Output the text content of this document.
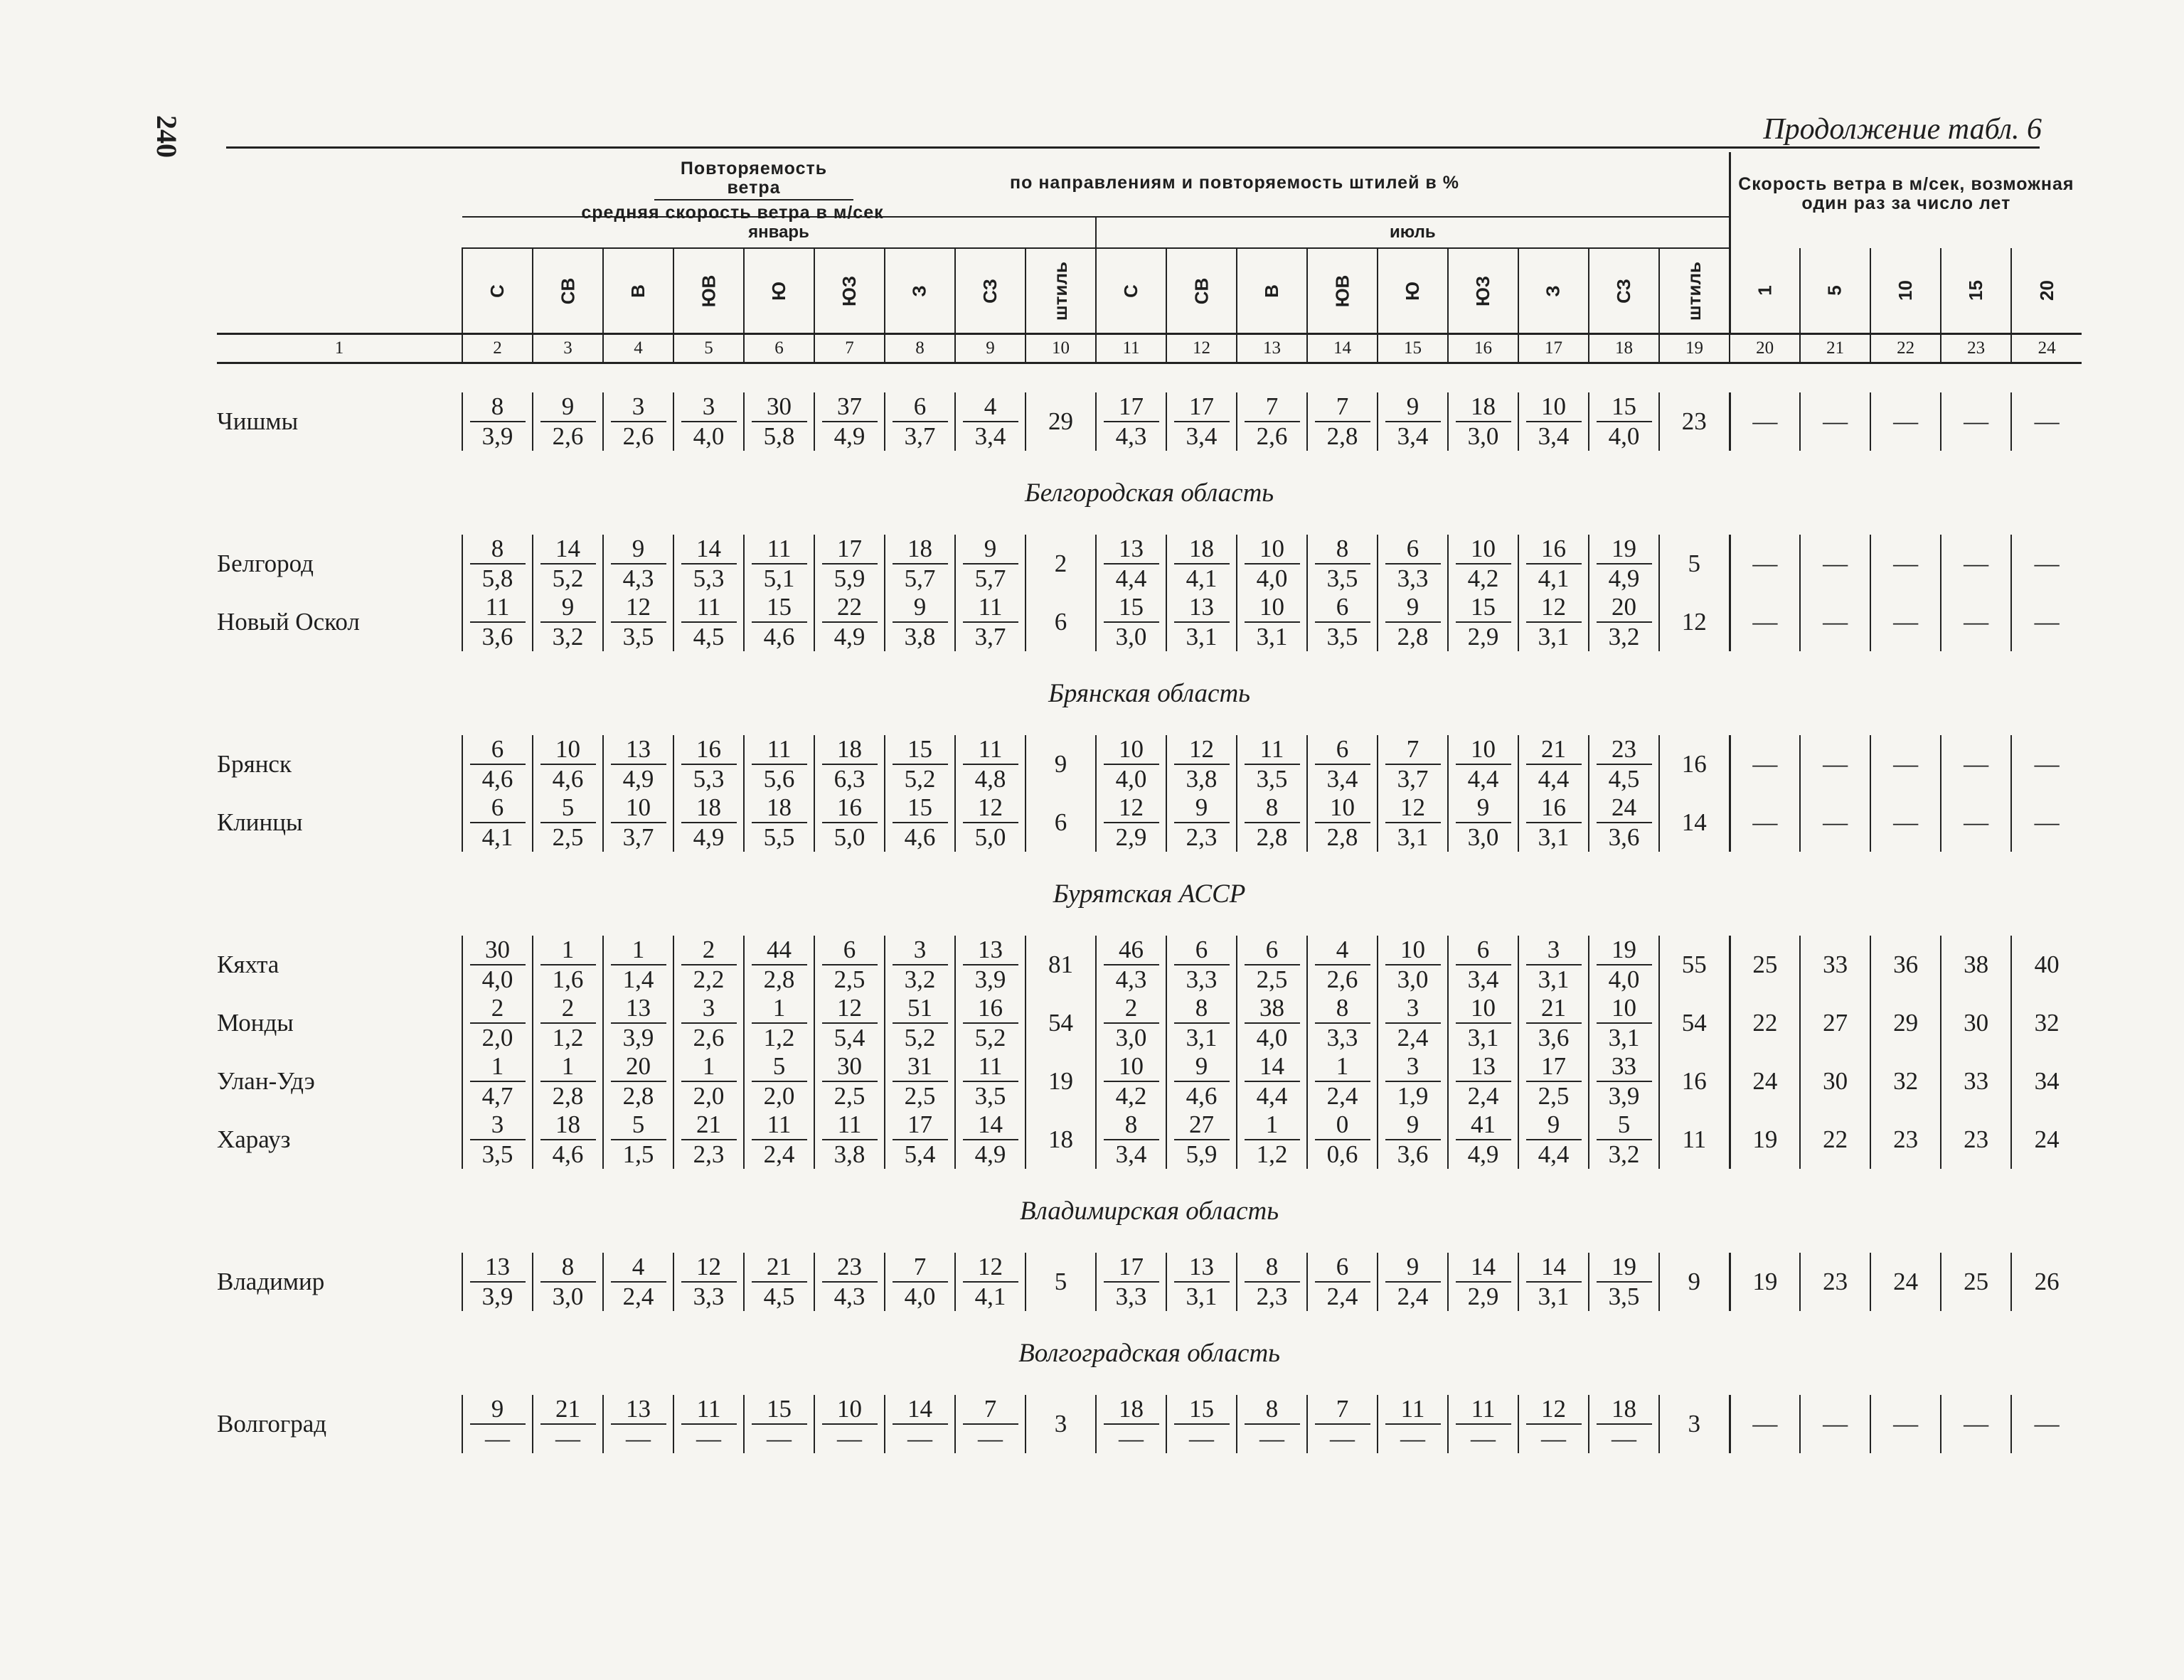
240	Продолжение табл. 6

	Повторяемость ветра
средняя скорость ветра в м/сек
по направлениям и повторяемость штилей в %																		Скорость ветра в м/сек, возможная один раз за число лет				
	январь									июль													
	С	СВ	В	ЮВ	Ю	ЮЗ	З	СЗ	штиль	С	СВ	В	ЮВ	Ю	ЮЗ	З	СЗ	штиль	1	5	10	15	20
1	2	3	4	5	6	7	8	9	10	11	12	13	14	15	16	17	18	19	20	21	22	23	24

Чишмы	$\frac{8}{3,9}$	$\frac{9}{2,6}$	$\frac{3}{2,6}$	$\frac{3}{4,0}$	$\frac{30}{5,8}$	$\frac{37}{4,9}$	$\frac{6}{3,7}$	$\frac{4}{3,4}$	29	$\frac{17}{4,3}$	$\frac{17}{3,4}$	$\frac{7}{2,6}$	$\frac{7}{2,8}$	$\frac{9}{3,4}$	$\frac{18}{3,0}$	$\frac{10}{3,4}$	$\frac{15}{4,0}$	23	—	—	—	—	—
Белгородская область																							
Белгород	$\frac{8}{5,8}$	$\frac{14}{5,2}$	$\frac{9}{4,3}$	$\frac{14}{5,3}$	$\frac{11}{5,1}$	$\frac{17}{5,9}$	$\frac{18}{5,7}$	$\frac{9}{5,7}$	2	$\frac{13}{4,4}$	$\frac{18}{4,1}$	$\frac{10}{4,0}$	$\frac{8}{3,5}$	$\frac{6}{3,3}$	$\frac{10}{4,2}$	$\frac{16}{4,1}$	$\frac{19}{4,9}$	5	—	—	—	—	—
Новый Оскол	$\frac{11}{3,6}$	$\frac{9}{3,2}$	$\frac{12}{3,5}$	$\frac{11}{4,5}$	$\frac{15}{4,6}$	$\frac{22}{4,9}$	$\frac{9}{3,8}$	$\frac{11}{3,7}$	6	$\frac{15}{3,0}$	$\frac{13}{3,1}$	$\frac{10}{3,1}$	$\frac{6}{3,5}$	$\frac{9}{2,8}$	$\frac{15}{2,9}$	$\frac{12}{3,1}$	$\frac{20}{3,2}$	12	—	—	—	—	—
Брянская область																							
Брянск	$\frac{6}{4,6}$	$\frac{10}{4,6}$	$\frac{13}{4,9}$	$\frac{16}{5,3}$	$\frac{11}{5,6}$	$\frac{18}{6,3}$	$\frac{15}{5,2}$	$\frac{11}{4,8}$	9	$\frac{10}{4,0}$	$\frac{12}{3,8}$	$\frac{11}{3,5}$	$\frac{6}{3,4}$	$\frac{7}{3,7}$	$\frac{10}{4,4}$	$\frac{21}{4,4}$	$\frac{23}{4,5}$	16	—	—	—	—	—
Клинцы	$\frac{6}{4,1}$	$\frac{5}{2,5}$	$\frac{10}{3,7}$	$\frac{18}{4,9}$	$\frac{18}{5,5}$	$\frac{16}{5,0}$	$\frac{15}{4,6}$	$\frac{12}{5,0}$	6	$\frac{12}{2,9}$	$\frac{9}{2,3}$	$\frac{8}{2,8}$	$\frac{10}{2,8}$	$\frac{12}{3,1}$	$\frac{9}{3,0}$	$\frac{16}{3,1}$	$\frac{24}{3,6}$	14	—	—	—	—	—
Бурятская АССР																							
Кяхта	$\frac{30}{4,0}$	$\frac{1}{1,6}$	$\frac{1}{1,4}$	$\frac{2}{2,2}$	$\frac{44}{2,8}$	$\frac{6}{2,5}$	$\frac{3}{3,2}$	$\frac{13}{3,9}$	81	$\frac{46}{4,3}$	$\frac{6}{3,3}$	$\frac{6}{2,5}$	$\frac{4}{2,6}$	$\frac{10}{3,0}$	$\frac{6}{3,4}$	$\frac{3}{3,1}$	$\frac{19}{4,0}$	55	25	33	36	38	40
Монды	$\frac{2}{2,0}$	$\frac{2}{1,2}$	$\frac{13}{3,9}$	$\frac{3}{2,6}$	$\frac{1}{1,2}$	$\frac{12}{5,4}$	$\frac{51}{5,2}$	$\frac{16}{5,2}$	54	$\frac{2}{3,0}$	$\frac{8}{3,1}$	$\frac{38}{4,0}$	$\frac{8}{3,3}$	$\frac{3}{2,4}$	$\frac{10}{3,1}$	$\frac{21}{3,6}$	$\frac{10}{3,1}$	54	22	27	29	30	32
Улан-Удэ	$\frac{1}{4,7}$	$\frac{1}{2,8}$	$\frac{20}{2,8}$	$\frac{1}{2,0}$	$\frac{5}{2,0}$	$\frac{30}{2,5}$	$\frac{31}{2,5}$	$\frac{11}{3,5}$	19	$\frac{10}{4,2}$	$\frac{9}{4,6}$	$\frac{14}{4,4}$	$\frac{1}{2,4}$	$\frac{3}{1,9}$	$\frac{13}{2,4}$	$\frac{17}{2,5}$	$\frac{33}{3,9}$	16	24	30	32	33	34
Харауз	$\frac{3}{3,5}$	$\frac{18}{4,6}$	$\frac{5}{1,5}$	$\frac{21}{2,3}$	$\frac{11}{2,4}$	$\frac{11}{3,8}$	$\frac{17}{5,4}$	$\frac{14}{4,9}$	18	$\frac{8}{3,4}$	$\frac{27}{5,9}$	$\frac{1}{1,2}$	$\frac{0}{0,6}$	$\frac{9}{3,6}$	$\frac{41}{4,9}$	$\frac{9}{4,4}$	$\frac{5}{3,2}$	11	19	22	23	23	24
Владимирская область																							
Владимир	$\frac{13}{3,9}$	$\frac{8}{3,0}$	$\frac{4}{2,4}$	$\frac{12}{3,3}$	$\frac{21}{4,5}$	$\frac{23}{4,3}$	$\frac{7}{4,0}$	$\frac{12}{4,1}$	5	$\frac{17}{3,3}$	$\frac{13}{3,1}$	$\frac{8}{2,3}$	$\frac{6}{2,4}$	$\frac{9}{2,4}$	$\frac{14}{2,9}$	$\frac{14}{3,1}$	$\frac{19}{3,5}$	9	19	23	24	25	26
Волгоградская область																							
Волгоград	$\frac{9}{—}$	$\frac{21}{—}$	$\frac{13}{—}$	$\frac{11}{—}$	$\frac{15}{—}$	$\frac{10}{—}$	$\frac{14}{—}$	$\frac{7}{—}$	3	$\frac{18}{—}$	$\frac{15}{—}$	$\frac{8}{—}$	$\frac{7}{—}$	$\frac{11}{—}$	$\frac{11}{—}$	$\frac{12}{—}$	$\frac{18}{—}$	3	—	—	—	—	—
